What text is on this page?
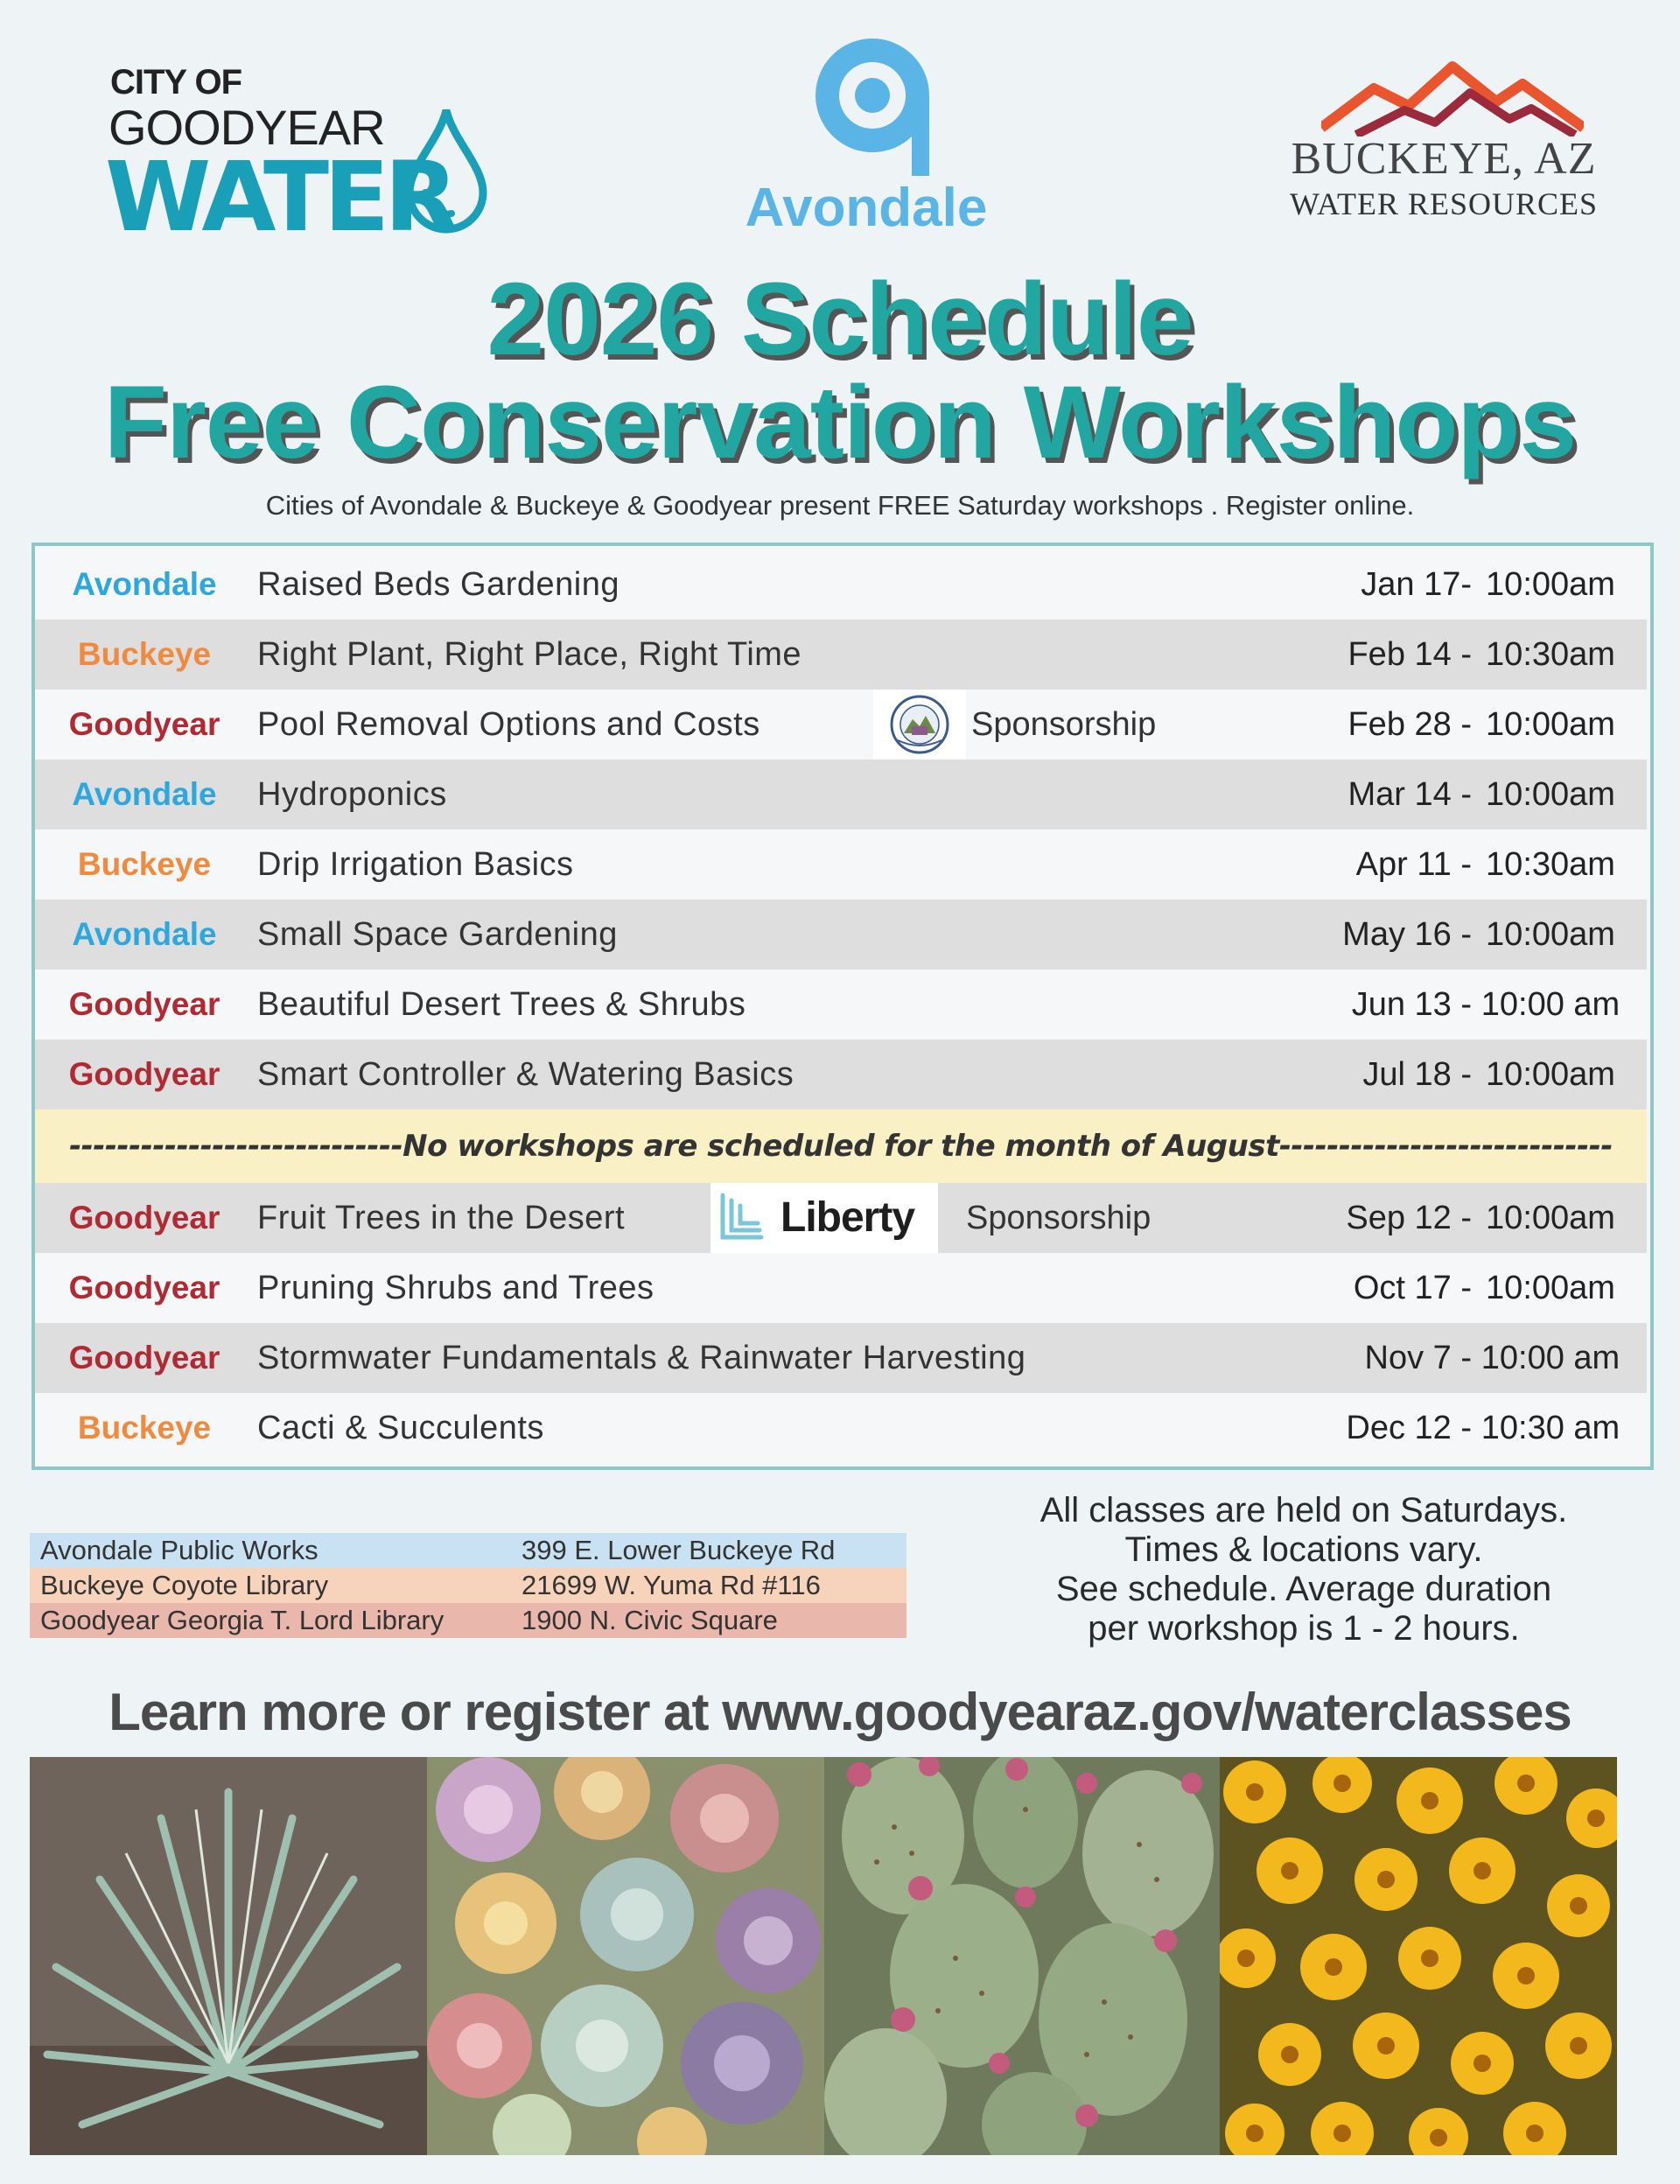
CITY OF
GOODYEAR
WATER	Avondale
BUCKEYE, AZ
WATER RESOURCES
2026 Schedule
Free Conservation Workshops
Cities of Avondale & Buckeye & Goodyear present FREE Saturday workshops . Register online.
Avondale	Raised Beds Gardening	Jan 17- 10:00am
Buckeye	Right Plant, Right Place, Right Time	Feb 14 - 10:30am
Goodyear	Pool Removal Options and Costs	Sponsorship	Feb 28 - 10:00am
Avondale	Hydroponics	Mar 14 - 10:00am
Buckeye	Drip Irrigation Basics	Apr 11 - 10:30am
Avondale	Small Space Gardening	May 16 - 10:00am
Goodyear	Beautiful Desert Trees & Shrubs	Jun 13 - 10:00 am
Goodyear	Smart Controller & Watering Basics	Jul 18 - 10:00am
----------------------------No workshops are scheduled for the month of August----------------------------
Goodyear	Fruit Trees in the Desert	Liberty Sponsorship	Sep 12 - 10:00am
Goodyear	Pruning Shrubs and Trees	Oct 17 - 10:00am
Goodyear	Stormwater Fundamentals & Rainwater Harvesting	Nov 7 - 10:00 am
Buckeye	Cacti & Succulents	Dec 12 - 10:30 am
Avondale Public Works	399 E. Lower Buckeye Rd
Buckeye Coyote Library	21699 W. Yuma Rd #116
Goodyear Georgia T. Lord Library	1900 N. Civic Square
All classes are held on Saturdays.
Times & locations vary.
See schedule. Average duration
per workshop is 1 - 2 hours.
Learn more or register at www.goodyearaz.gov/waterclasses
